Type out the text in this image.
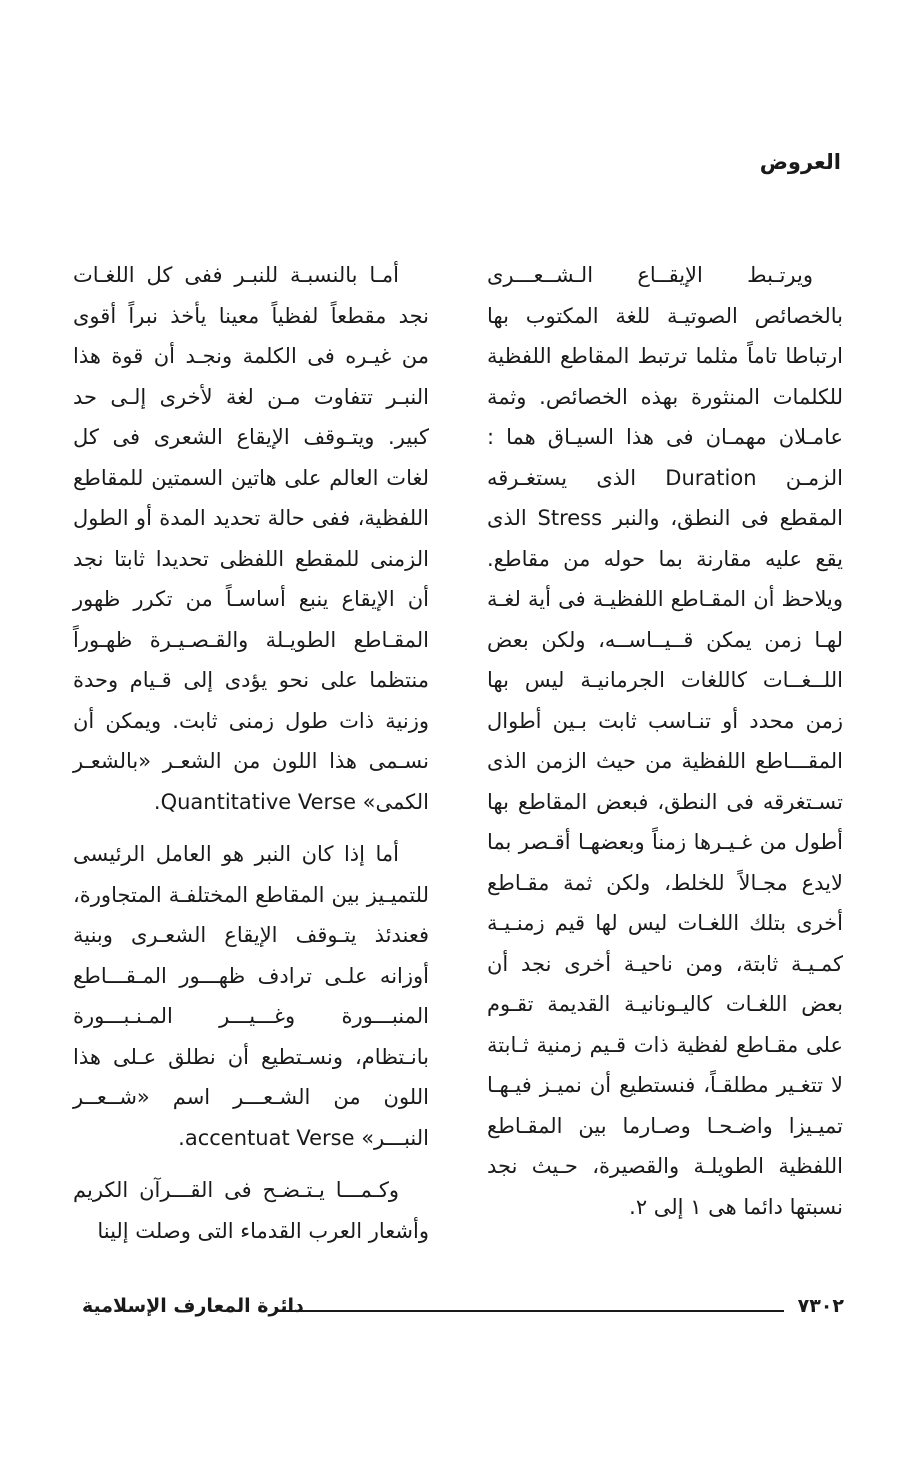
العروض

ويرتـبط الإيقــاع الـشــعـــرى بالخصائص الصوتيـة للغة المكتوب بها ارتباطا تاماً مثلما ترتبط المقاطع اللفظية للكلمات المنثورة بهذه الخصائص. وثمة عامـلان مهمـان فى هذا السيـاق هما : الزمـن Duration الذى يستغـرقه المقطع فى النطق، والنبر Stress الذى يقع عليه مقارنة بما حوله من مقاطع. ويلاحظ أن المقـاطع اللفظيـة فى أية لغـة لهـا زمن يمكن قــيــاســه، ولكن بعض اللــغــات كاللغات الجرمانيـة ليس بها زمن محدد أو تنـاسب ثابت بـين أطوال المقـــاطع اللفظية من حيث الزمن الذى تسـتغرقه فى النطق، فبعض المقاطع بها أطول من غـيـرها زمناً وبعضهـا أقـصر بما لايدع مجـالاً للخلط، ولكن ثمة مقـاطع أخرى بتلك اللغـات ليس لها قيم زمنـيـة كمـيـة ثابتة، ومن ناحيـة أخرى نجد أن بعض اللغـات كاليـونانيـة القديمة تقـوم على مقـاطع لفظية ذات قـيم زمنية ثـابتة لا تتغـير مطلقـاً، فنستطيع أن نميـز فيـهـا تميـيزا واضـحـا وصـارما بين المقـاطع اللفظية الطويلـة والقصيرة، حـيث نجد نسبتها دائما هى ١ إلى ٢.

أمـا بالنسبـة للنبـر ففى كل اللغـات نجد مقطعاً لفظياً معينا يأخذ نبراً أقوى من غيـره فى الكلمة ونجـد أن قوة هذا النبـر تتفاوت مـن لغة لأخرى إلـى حد كبير. ويتـوقف الإيقاع الشعرى فى كل لغات العالم على هاتين السمتين للمقاطع اللفظية، ففى حالة تحديد المدة أو الطول الزمنى للمقطع اللفظى تحديدا ثابتا نجد أن الإيقاع ينبع أساسـاً من تكرر ظهور المقـاطع الطويـلة والقـصـيـرة ظهـوراً منتظما على نحو يؤدى إلى قـيام وحدة وزنية ذات طول زمنى ثابت. ويمكن أن نسـمى هذا اللون من الشعـر «بالشعـر الكمى» Quantitative Verse.

أما إذا كان النبر هو العامل الرئيسى للتميـيز بين المقاطع المختلفـة المتجاورة، فعندئذ يتـوقف الإيقاع الشعـرى وبنية أوزانه علـى ترادف ظهـــور المـقـــاطع المنبـــورة وغـــيـــر المـنـبـــورة بانـتظام، ونسـتطيع أن نطلق عـلى هذا اللون من الشـعـــر اسم «شــعــر النبـــر» accentuat Verse.

وكـمـــا يـتـضـح فى القـــرآن الكريم وأشعار العرب القدماء التى وصلت إلينا

٧٣٠٢
دائرة المعارف الإسلامية
